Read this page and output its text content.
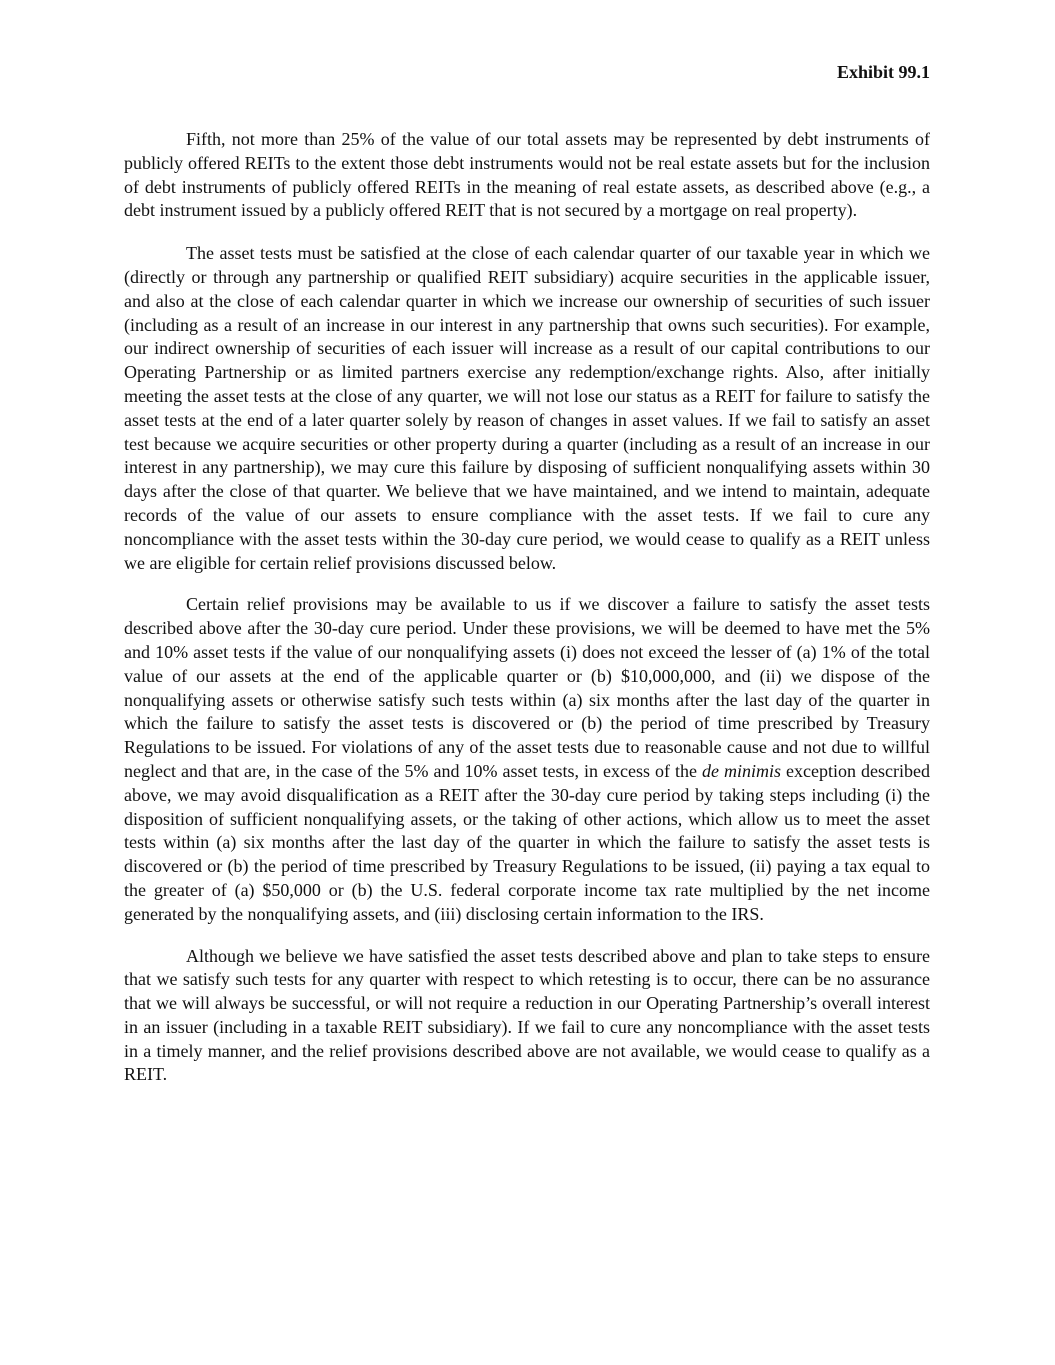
Exhibit 99.1

Fifth, not more than 25% of the value of our total assets may be represented by debt instruments of publicly offered REITs to the extent those debt instruments would not be real estate assets but for the inclusion of debt instruments of publicly offered REITs in the meaning of real estate assets, as described above (e.g., a debt instrument issued by a publicly offered REIT that is not secured by a mortgage on real property).

The asset tests must be satisfied at the close of each calendar quarter of our taxable year in which we (directly or through any partnership or qualified REIT subsidiary) acquire securities in the applicable issuer, and also at the close of each calendar quarter in which we increase our ownership of securities of such issuer (including as a result of an increase in our interest in any partnership that owns such securities). For example, our indirect ownership of securities of each issuer will increase as a result of our capital contributions to our Operating Partnership or as limited partners exercise any redemption/exchange rights. Also, after initially meeting the asset tests at the close of any quarter, we will not lose our status as a REIT for failure to satisfy the asset tests at the end of a later quarter solely by reason of changes in asset values. If we fail to satisfy an asset test because we acquire securities or other property during a quarter (including as a result of an increase in our interest in any partnership), we may cure this failure by disposing of sufficient nonqualifying assets within 30 days after the close of that quarter. We believe that we have maintained, and we intend to maintain, adequate records of the value of our assets to ensure compliance with the asset tests. If we fail to cure any noncompliance with the asset tests within the 30-day cure period, we would cease to qualify as a REIT unless we are eligible for certain relief provisions discussed below.

Certain relief provisions may be available to us if we discover a failure to satisfy the asset tests described above after the 30-day cure period. Under these provisions, we will be deemed to have met the 5% and 10% asset tests if the value of our nonqualifying assets (i) does not exceed the lesser of (a) 1% of the total value of our assets at the end of the applicable quarter or (b) $10,000,000, and (ii) we dispose of the nonqualifying assets or otherwise satisfy such tests within (a) six months after the last day of the quarter in which the failure to satisfy the asset tests is discovered or (b) the period of time prescribed by Treasury Regulations to be issued. For violations of any of the asset tests due to reasonable cause and not due to willful neglect and that are, in the case of the 5% and 10% asset tests, in excess of the de minimis exception described above, we may avoid disqualification as a REIT after the 30-day cure period by taking steps including (i) the disposition of sufficient nonqualifying assets, or the taking of other actions, which allow us to meet the asset tests within (a) six months after the last day of the quarter in which the failure to satisfy the asset tests is discovered or (b) the period of time prescribed by Treasury Regulations to be issued, (ii) paying a tax equal to the greater of (a) $50,000 or (b) the U.S. federal corporate income tax rate multiplied by the net income generated by the nonqualifying assets, and (iii) disclosing certain information to the IRS.

Although we believe we have satisfied the asset tests described above and plan to take steps to ensure that we satisfy such tests for any quarter with respect to which retesting is to occur, there can be no assurance that we will always be successful, or will not require a reduction in our Operating Partnership’s overall interest in an issuer (including in a taxable REIT subsidiary). If we fail to cure any noncompliance with the asset tests in a timely manner, and the relief provisions described above are not available, we would cease to qualify as a REIT.
